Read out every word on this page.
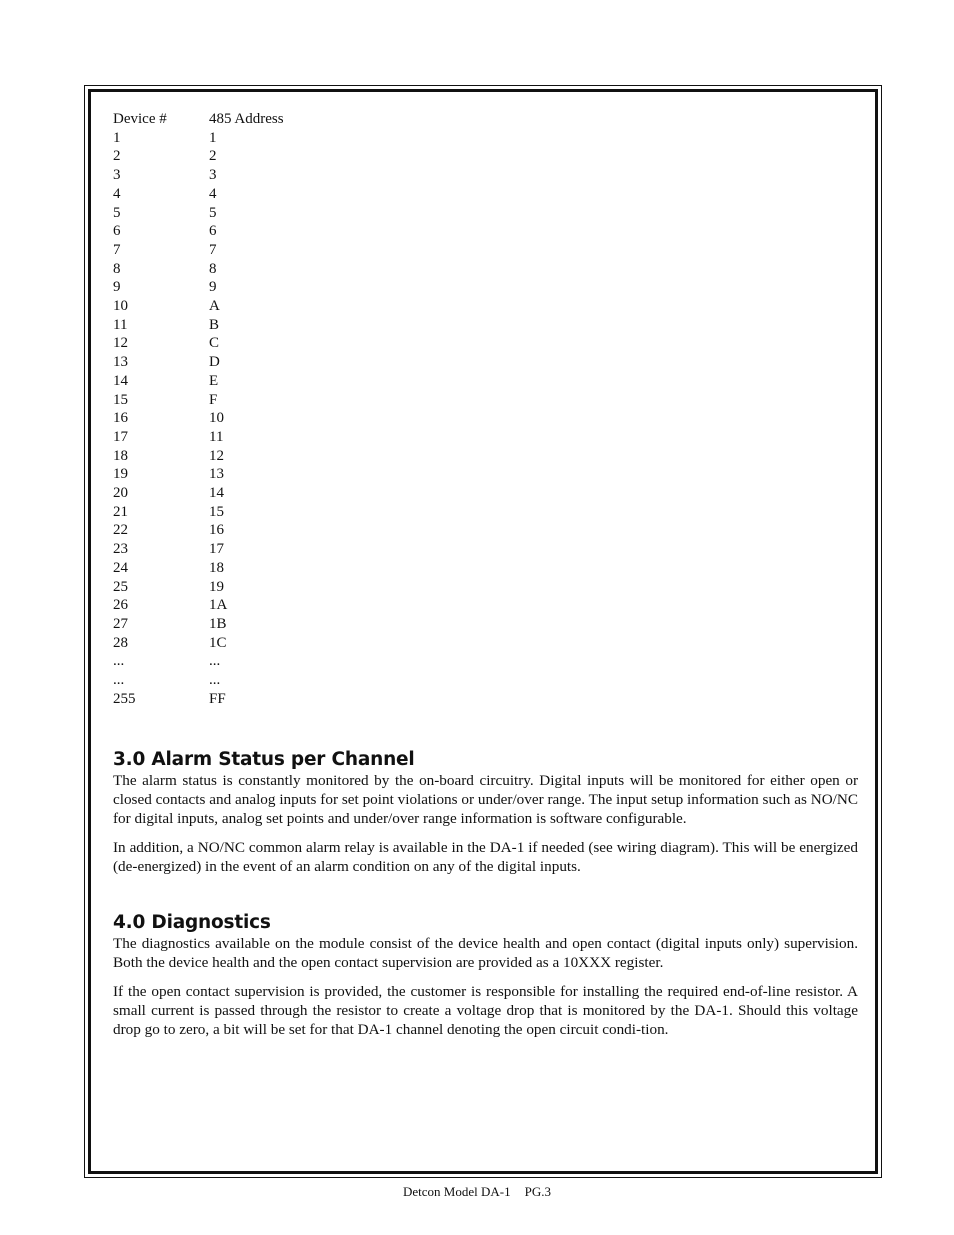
Device #	485 Address
1	1
2	2
3	3
4	4
5	5
6	6
7	7
8	8
9	9
10	A
11	B
12	C
13	D
14	E
15	F
16	10
17	11
18	12
19	13
20	14
21	15
22	16
23	17
24	18
25	19
26	1A
27	1B
28	1C
...	...
...	...
255	FF
3.0 Alarm Status per Channel

The alarm status is constantly monitored by the on-board circuitry. Digital inputs will be monitored for either open or closed contacts and analog inputs for set point violations or under/over range. The input setup information such as NO/NC for digital inputs, analog set points and under/over range information is software configurable.

In addition, a NO/NC common alarm relay is available in the DA-1 if needed (see wiring diagram). This will be energized (de-energized) in the event of an alarm condition on any of the digital inputs.

4.0 Diagnostics

The diagnostics available on the module consist of the device health and open contact (digital inputs only) supervision. Both the device health and the open contact supervision are provided as a 10XXX register.

If the open contact supervision is provided, the customer is responsible for installing the required end-of-line resistor. A small current is passed through the resistor to create a voltage drop that is monitored by the DA-1. Should this voltage drop go to zero, a bit will be set for that DA-1 channel denoting the open circuit condi-tion.

Detcon Model DA-1 PG.3
